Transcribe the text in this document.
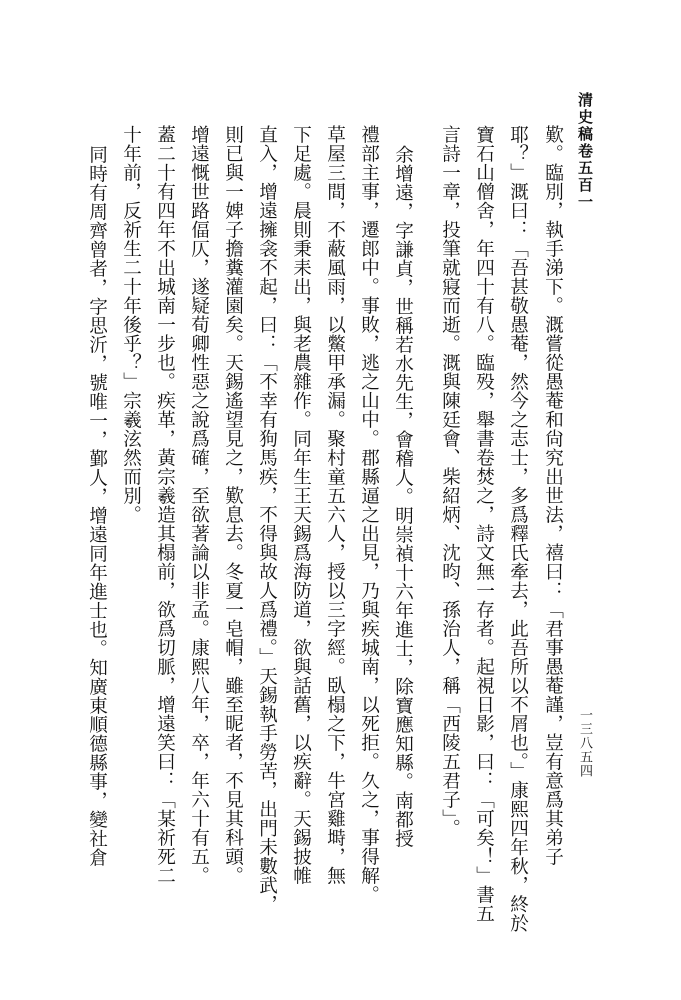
清史稿卷五百一
一三八五四
歎。臨別，執手涕下。溉嘗從愚菴和尙究出世法，禧曰：「君事愚菴謹，豈有意爲其弟子
耶？」溉曰：「吾甚敬愚菴，然今之志士，多爲釋氏牽去，此吾所以不屑也。」康熙四年秋，終於
寶石山僧舍，年四十有八。臨殁，舉書卷焚之，詩文無一存者。起視日影，曰：「可矣！」書五
言詩一章，投筆就寢而逝。溉與陳廷會、柴紹炳、沈昀、孫治人，稱「西陵五君子」。
余增遠，字謙貞，世稱若水先生，會稽人。明崇禎十六年進士，除寶應知縣。南都授
禮部主事，遷郎中。事敗，逃之山中。郡縣逼之出見，乃與疾城南，以死拒。久之，事得解。
草屋三間，不蔽風雨，以鱉甲承漏。聚村童五六人，授以三字經。臥榻之下，牛宮雞塒，無
下足處。晨則秉耒出，與老農雜作。同年生王天錫爲海防道，欲與話舊，以疾辭。天錫披帷
直入，增遠擁衾不起，曰：「不幸有狗馬疾，不得與故人爲禮。」天錫執手勞苦，出門未數武，
則已與一婢子擔糞灌園矣。天錫遙望見之，歎息去。冬夏一皂帽，雖至昵者，不見其科頭。
增遠慨世路偪仄，遂疑荀卿性惡之說爲確，至欲著論以非孟。康熙八年，卒，年六十有五。
蓋二十有四年不出城南一步也。疾革，黃宗羲造其榻前，欲爲切脈，增遠笑曰：「某祈死二
十年前，反祈生二十年後乎？」宗羲泫然而別。
同時有周齊曾者，字思沂，號唯一，鄞人，增遠同年進士也。知廣東順德縣事，變社倉
